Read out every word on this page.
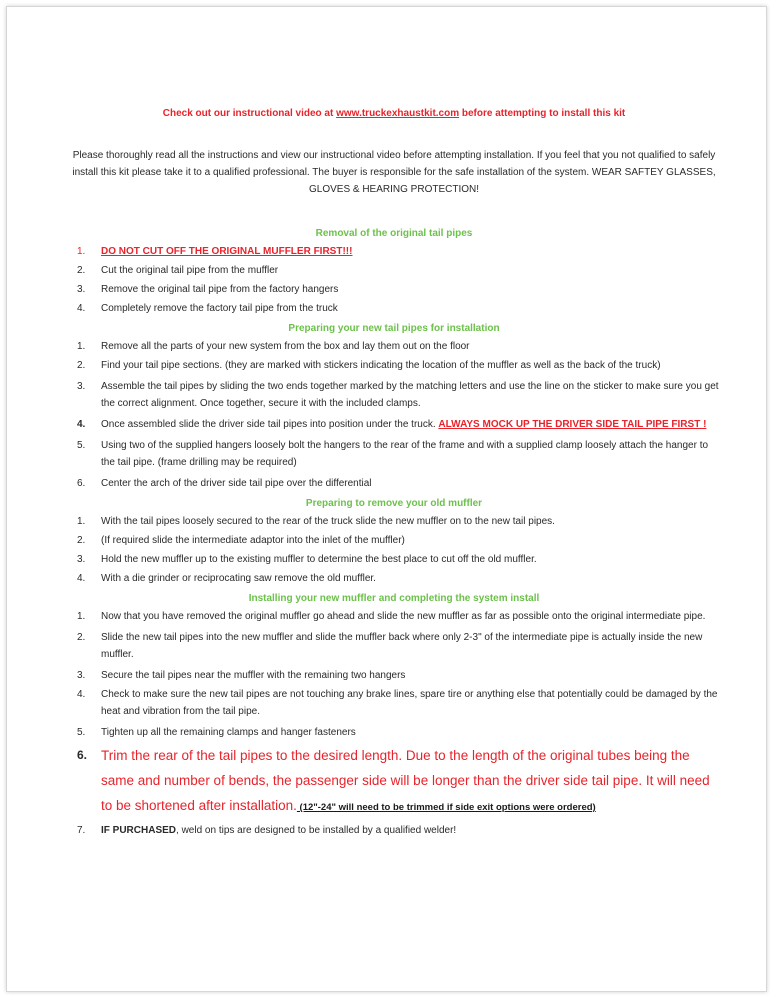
Check out our instructional video at www.truckexhaustkit.com before attempting to install this kit

Please thoroughly read all the instructions and view our instructional video before attempting installation. If you feel that you not qualified to safely install this kit please take it to a qualified professional. The buyer is responsible for the safe installation of the system. WEAR SAFTEY GLASSES, GLOVES & HEARING PROTECTION!

Removal of the original tail pipes

1.	DO NOT CUT OFF THE ORIGINAL MUFFLER FIRST!!!
2.	Cut the original tail pipe from the muffler
3.	Remove the original tail pipe from the factory hangers
4.	Completely remove the factory tail pipe from the truck

Preparing your new tail pipes for installation

1.	Remove all the parts of your new system from the box and lay them out on the floor
2.	Find your tail pipe sections. (they are marked with stickers indicating the location of the muffler as well as the back of the truck)
3.	Assemble the tail pipes by sliding the two ends together marked by the matching letters and use the line on the sticker to make sure you get the correct alignment. Once together, secure it with the included clamps.
4.	Once assembled slide the driver side tail pipes into position under the truck. ALWAYS MOCK UP THE DRIVER SIDE TAIL PIPE FIRST !
5.	Using two of the supplied hangers loosely bolt the hangers to the rear of the frame and with a supplied clamp loosely attach the hanger to the tail pipe. (frame drilling may be required)
6.	Center the arch of the driver side tail pipe over the differential

Preparing to remove your old muffler

1.	With the tail pipes loosely secured to the rear of the truck slide the new muffler on to the new tail pipes.
2.	(If required slide the intermediate adaptor into the inlet of the muffler)
3.	Hold the new muffler up to the existing muffler to determine the best place to cut off the old muffler.
4.	With a die grinder or reciprocating saw remove the old muffler.

Installing your new muffler and completing the system install

1.	Now that you have removed the original muffler go ahead and slide the new muffler as far as possible onto the original intermediate pipe.
2.	Slide the new tail pipes into the new muffler and slide the muffler back where only 2-3" of the intermediate pipe is actually inside the new muffler.
3.	Secure the tail pipes near the muffler with the remaining two hangers
4.	Check to make sure the new tail pipes are not touching any brake lines, spare tire or anything else that potentially could be damaged by the heat and vibration from the tail pipe.
5.	Tighten up all the remaining clamps and hanger fasteners
6.	Trim the rear of the tail pipes to the desired length. Due to the length of the original tubes being the same and number of bends, the passenger side will be longer than the driver side tail pipe. It will need to be shortened after installation. (12"-24" will need to be trimmed if side exit options were ordered)
7.	IF PURCHASED, weld on tips are designed to be installed by a qualified welder!
